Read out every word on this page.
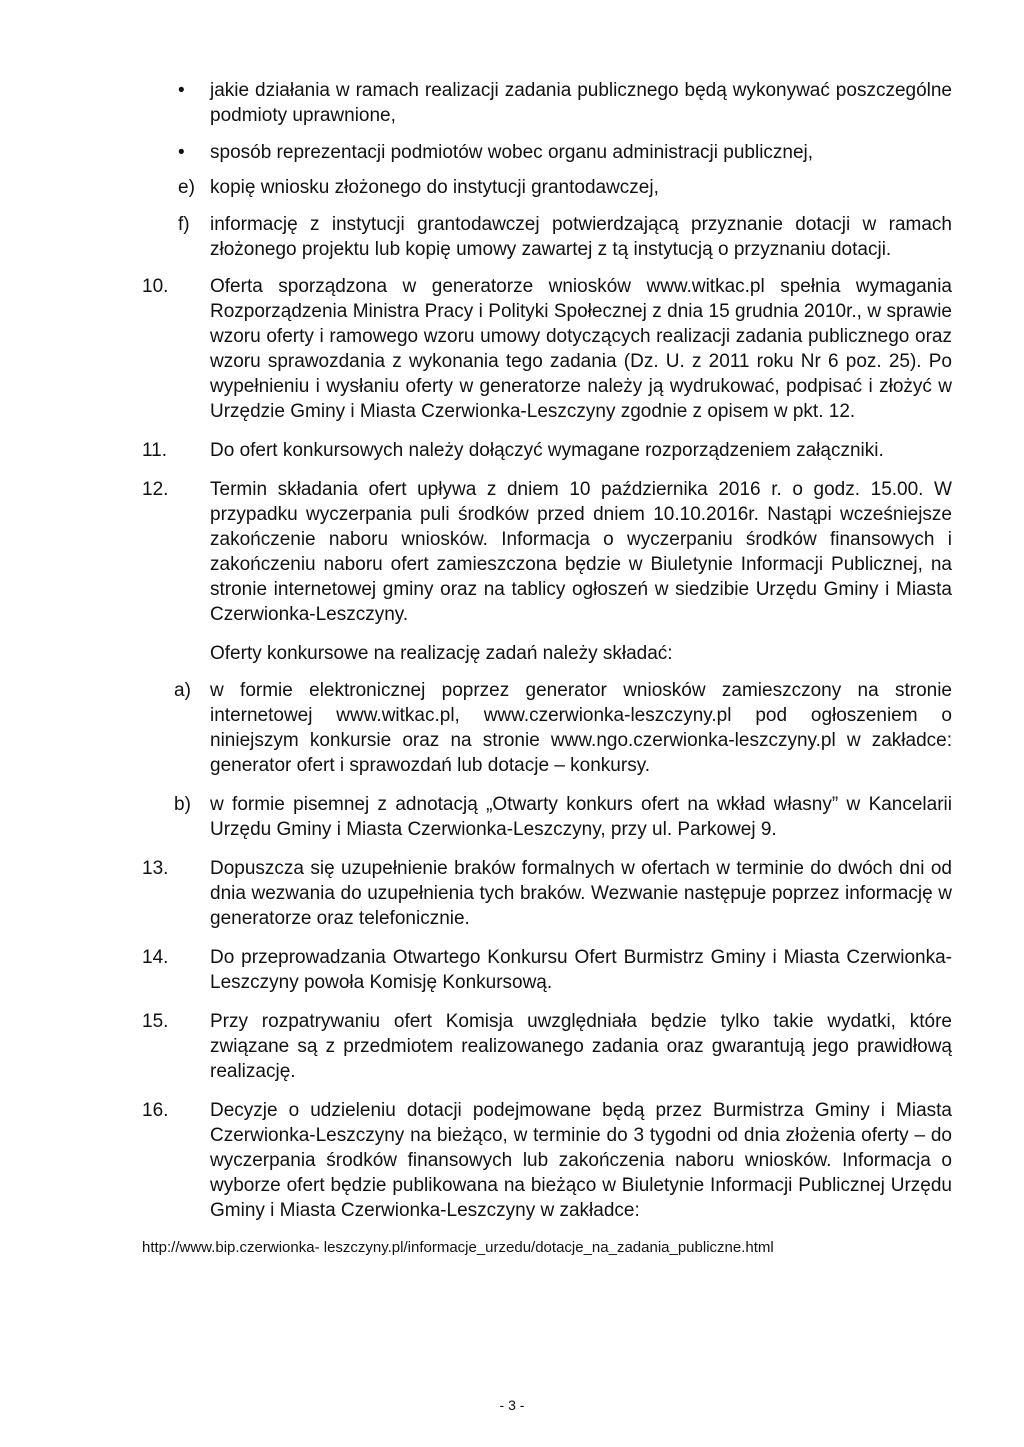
• jakie działania w ramach realizacji zadania publicznego będą wykonywać poszczególne podmioty uprawnione,
• sposób reprezentacji podmiotów wobec organu administracji publicznej,
e) kopię wniosku złożonego do instytucji grantodawczej,
f) informację z instytucji grantodawczej potwierdzającą przyznanie dotacji w ramach złożonego projektu lub kopię umowy zawartej z tą instytucją o przyznaniu dotacji.
10. Oferta sporządzona w generatorze wniosków www.witkac.pl spełnia wymagania Rozporządzenia Ministra Pracy i Polityki Społecznej z dnia 15 grudnia 2010r., w sprawie wzoru oferty i ramowego wzoru umowy dotyczących realizacji zadania publicznego oraz wzoru sprawozdania z wykonania tego zadania (Dz. U. z 2011 roku Nr 6 poz. 25). Po wypełnieniu i wysłaniu oferty w generatorze należy ją wydrukować, podpisać i złożyć w Urzędzie Gminy i Miasta Czerwionka-Leszczyny zgodnie z opisem w pkt. 12.
11. Do ofert konkursowych należy dołączyć wymagane rozporządzeniem załączniki.
12. Termin składania ofert upływa z dniem 10 października 2016 r. o godz. 15.00. W przypadku wyczerpania puli środków przed dniem 10.10.2016r. Nastąpi wcześniejsze zakończenie naboru wniosków. Informacja o wyczerpaniu środków finansowych i zakończeniu naboru ofert zamieszczona będzie w Biuletynie Informacji Publicznej, na stronie internetowej gminy oraz na tablicy ogłoszeń w siedzibie Urzędu Gminy i Miasta Czerwionka-Leszczyny.
Oferty konkursowe na realizację zadań należy składać:
a) w formie elektronicznej poprzez generator wniosków zamieszczony na stronie internetowej www.witkac.pl, www.czerwionka-leszczyny.pl pod ogłoszeniem o niniejszym konkursie oraz na stronie www.ngo.czerwionka-leszczyny.pl w zakładce: generator ofert i sprawozdań lub dotacje – konkursy.
b) w formie pisemnej z adnotacją „Otwarty konkurs ofert na wkład własny” w Kancelarii Urzędu Gminy i Miasta Czerwionka-Leszczyny, przy ul. Parkowej 9.
13. Dopuszcza się uzupełnienie braków formalnych w ofertach w terminie do dwóch dni od dnia wezwania do uzupełnienia tych braków. Wezwanie następuje poprzez informację w generatorze oraz telefonicznie.
14. Do przeprowadzania Otwartego Konkursu Ofert Burmistrz Gminy i Miasta Czerwionka-Leszczyny powoła Komisję Konkursową.
15. Przy rozpatrywaniu ofert Komisja uwzględniała będzie tylko takie wydatki, które związane są z przedmiotem realizowanego zadania oraz gwarantują jego prawidłową realizację.
16. Decyzje o udzieleniu dotacji podejmowane będą przez Burmistrza Gminy i Miasta Czerwionka-Leszczyny na bieżąco, w terminie do 3 tygodni od dnia złożenia oferty – do wyczerpania środków finansowych lub zakończenia naboru wniosków. Informacja o wyborze ofert będzie publikowana na bieżąco w Biuletynie Informacji Publicznej Urzędu Gminy i Miasta Czerwionka-Leszczyny w zakładce:
http://www.bip.czerwionka- leszczyny.pl/informacje_urzedu/dotacje_na_zadania_publiczne.html
- 3 -
